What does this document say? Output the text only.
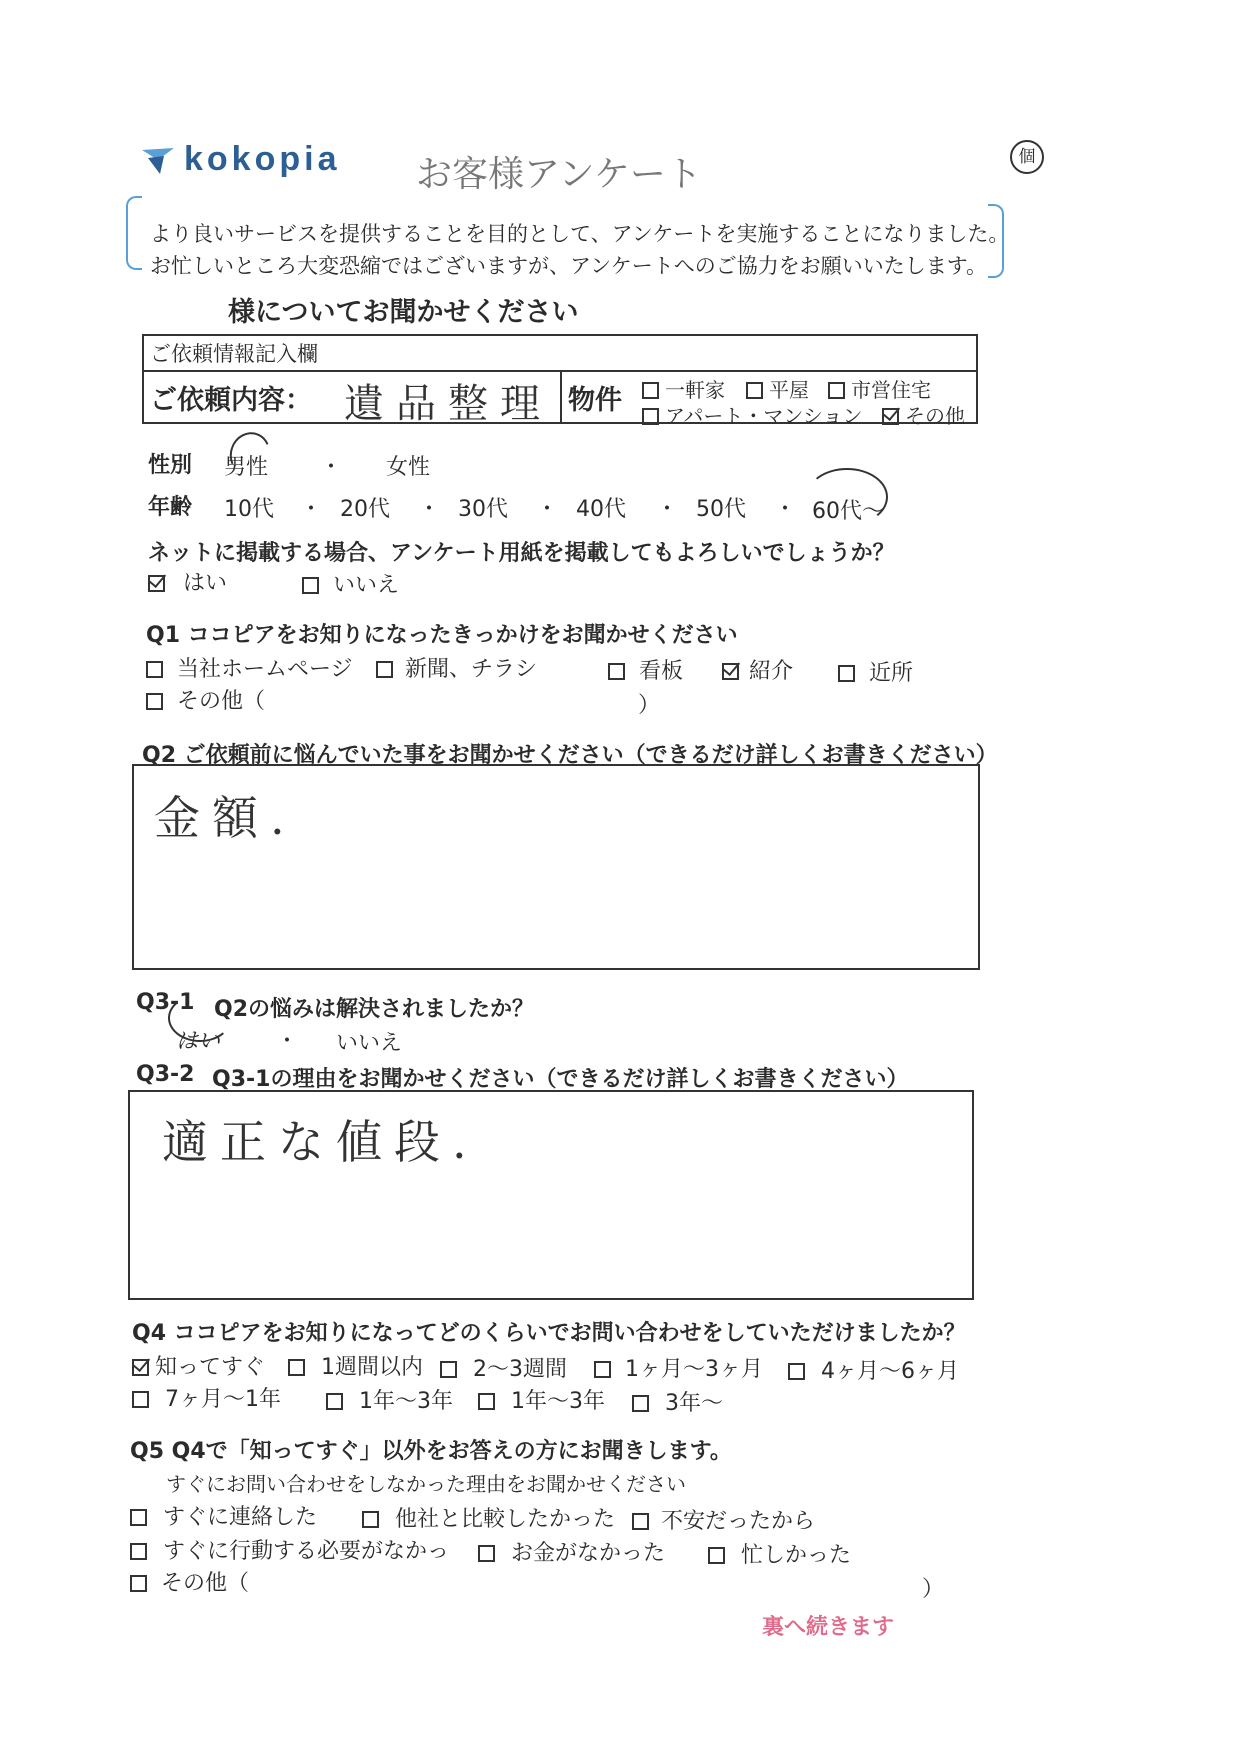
kokopia お客様アンケート	個
より良いサービスを提供することを目的として、アンケートを実施することになりました。
お忙しいところ大変恐縮ではございますが、アンケートへのご協力をお願いいたします。
様についてお聞かせください
ご依頼情報記入欄
ご依頼内容： 遺品整理 物件	一軒家	平屋	市営住宅
アパート・マンション	その他
性別 男性 ・ 女性
年齢 10代 ・ 20代 ・ 30代 ・ 40代 ・ 50代 ・ 60代〜
ネットに掲載する場合、アンケート用紙を掲載してもよろしいでしょうか？
はい	いいえ
Q1 ココピアをお知りになったきっかけをお聞かせください
当社ホームページ	新聞、チラシ	看板	紹介	近所
その他（	）
Q2 ご依頼前に悩んでいた事をお聞かせください（できるだけ詳しくお書きください）
金額.
Q3-1 Q2の悩みは解決されましたか？
はい	・ いいえ
Q3-2 Q3-1の理由をお聞かせください（できるだけ詳しくお書きください）
適正な値段.
Q4 ココピアをお知りになってどのくらいでお問い合わせをしていただけましたか？
知ってすぐ	1週間以内	2〜3週間	1ヶ月〜3ヶ月	4ヶ月〜6ヶ月
7ヶ月〜1年	1年〜3年	1年〜3年	3年〜
Q5 Q4で「知ってすぐ」以外をお答えの方にお聞きします。
すぐにお問い合わせをしなかった理由をお聞かせください
すぐに連絡した	他社と比較したかった	不安だったから
すぐに行動する必要がなかっ	お金がなかった	忙しかった
その他（	）
裏へ続きます
